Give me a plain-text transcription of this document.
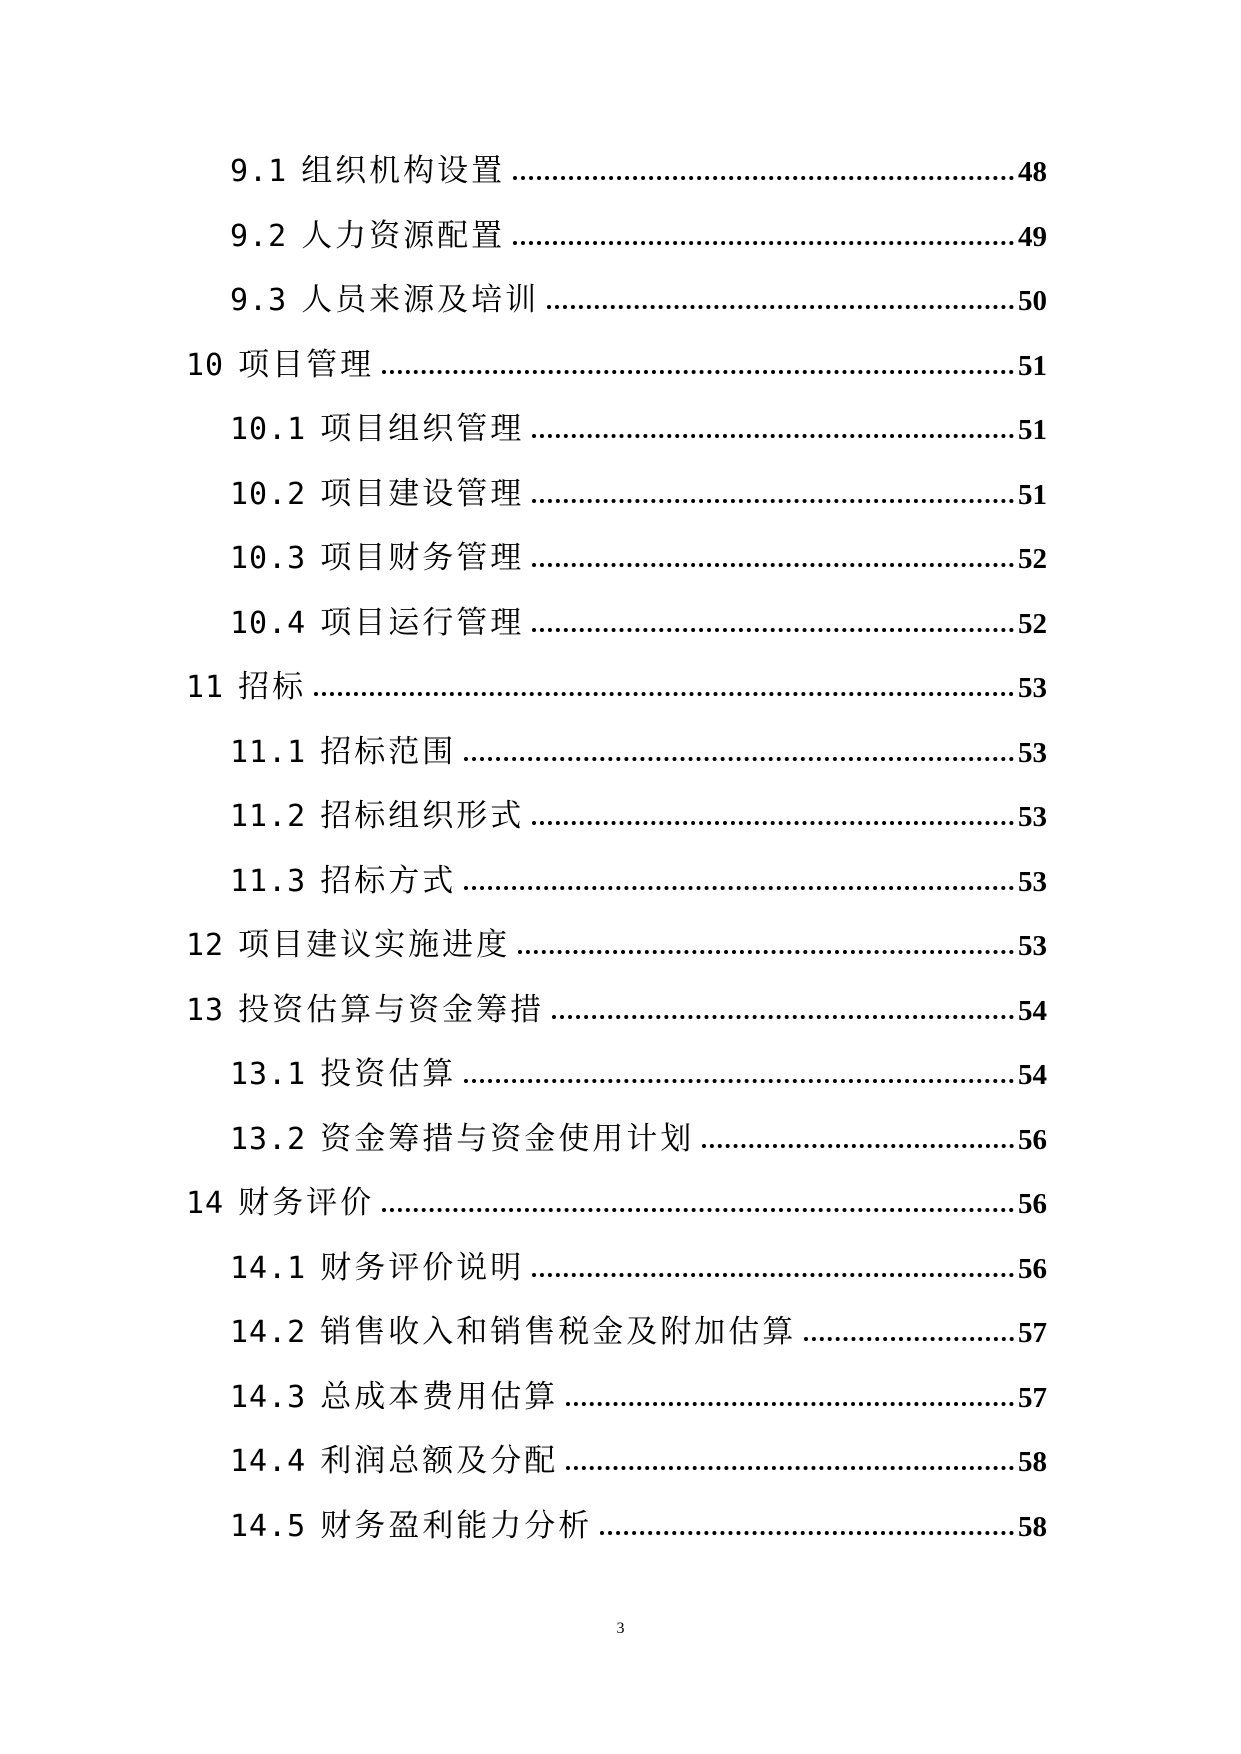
9.1 组织机构设置	48
9.2 人力资源配置	49
9.3 人员来源及培训	50
10 项目管理	51
10.1 项目组织管理	51
10.2 项目建设管理	51
10.3 项目财务管理	52
10.4 项目运行管理	52
11 招标	53
11.1 招标范围	53
11.2 招标组织形式	53
11.3 招标方式	53
12 项目建议实施进度	53
13 投资估算与资金筹措	54
13.1 投资估算	54
13.2 资金筹措与资金使用计划	56
14 财务评价	56
14.1 财务评价说明	56
14.2 销售收入和销售税金及附加估算	57
14.3 总成本费用估算	57
14.4 利润总额及分配	58
14.5 财务盈利能力分析	58
3
